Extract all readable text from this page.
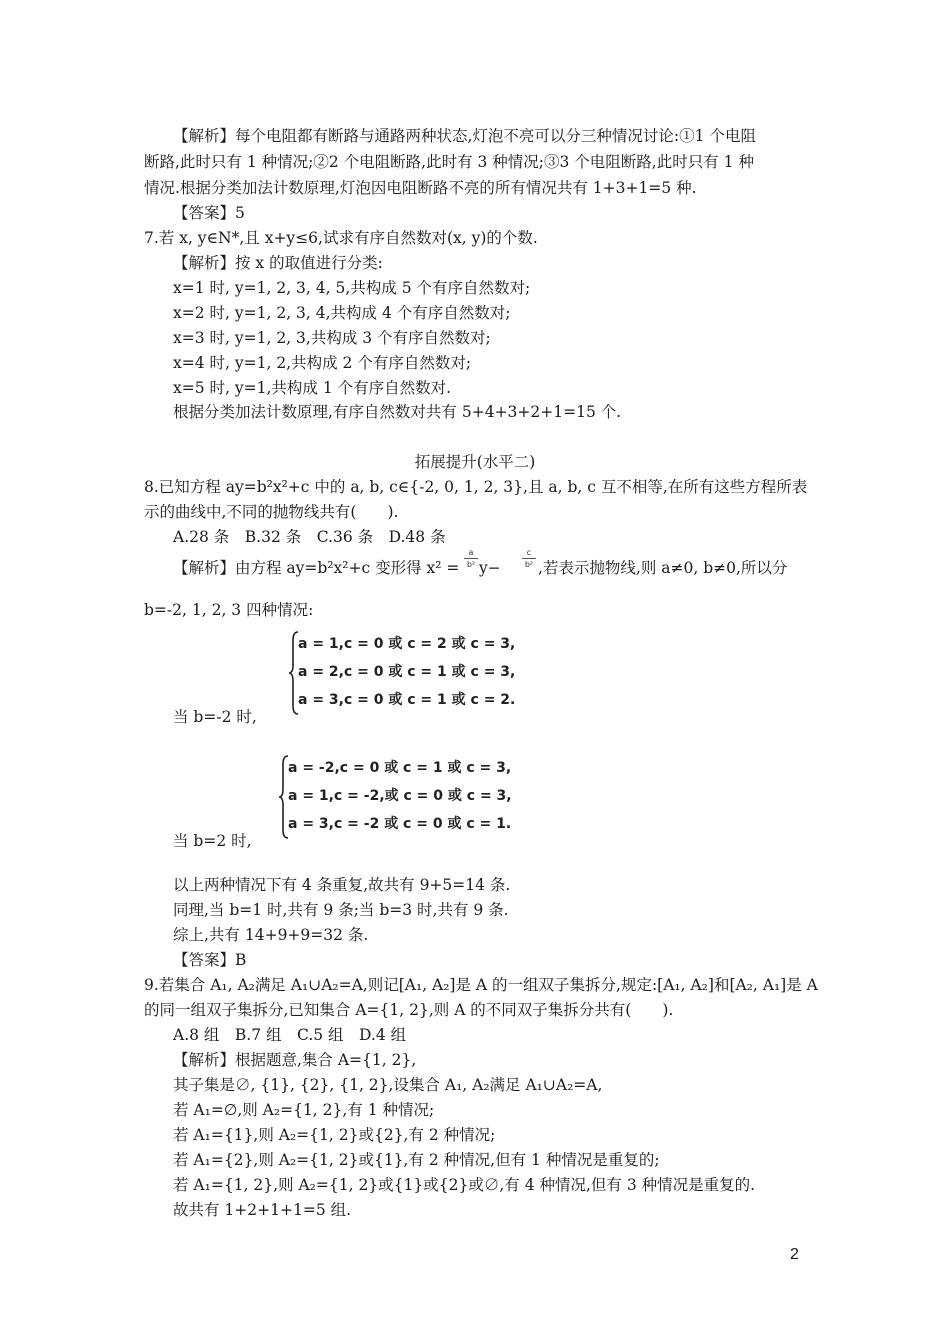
【解析】每个电阻都有断路与通路两种状态,灯泡不亮可以分三种情况讨论:①1 个电阻
断路,此时只有 1 种情况;②2 个电阻断路,此时有 3 种情况;③3 个电阻断路,此时只有 1 种
情况.根据分类加法计数原理,灯泡因电阻断路不亮的所有情况共有 1+3+1=5 种.
【答案】5
7.若 x, y∈N*,且 x+y≤6,试求有序自然数对(x, y)的个数.
【解析】按 x 的取值进行分类:
x=1 时, y=1, 2, 3, 4, 5,共构成 5 个有序自然数对;
x=2 时, y=1, 2, 3, 4,共构成 4 个有序自然数对;
x=3 时, y=1, 2, 3,共构成 3 个有序自然数对;
x=4 时, y=1, 2,共构成 2 个有序自然数对;
x=5 时, y=1,共构成 1 个有序自然数对.
根据分类加法计数原理,有序自然数对共有 5+4+3+2+1=15 个.
拓展提升(水平二)
8.已知方程 ay=b²x²+c 中的 a, b, c∈{-2, 0, 1, 2, 3},且 a, b, c 互不相等,在所有这些方程所表
示的曲线中,不同的抛物线共有(　　).
A.28 条　B.32 条　C.36 条　D.48 条
【解析】由方程 ay=b²x²+c 变形得 x² =
a
b² y−
c
b² ,若表示抛物线,则 a≠0, b≠0,所以分
b=-2, 1, 2, 3 四种情况:
a = 1,c = 0 或 c = 2 或 c = 3,
a = 2,c = 0 或 c = 1 或 c = 3,
a = 3,c = 0 或 c = 1 或 c = 2.
当 b=-2 时,
a = -2,c = 0 或 c = 1 或 c = 3,
a = 1,c = -2,或 c = 0 或 c = 3,
a = 3,c = -2 或 c = 0 或 c = 1.
当 b=2 时,
以上两种情况下有 4 条重复,故共有 9+5=14 条.
同理,当 b=1 时,共有 9 条;当 b=3 时,共有 9 条.
综上,共有 14+9+9=32 条.
【答案】B
9.若集合 A₁, A₂满足 A₁∪A₂=A,则记[A₁, A₂]是 A 的一组双子集拆分,规定:[A₁, A₂]和[A₂, A₁]是 A
的同一组双子集拆分,已知集合 A={1, 2},则 A 的不同双子集拆分共有(　　).
A.8 组　B.7 组　C.5 组　D.4 组
【解析】根据题意,集合 A={1, 2},
其子集是∅, {1}, {2}, {1, 2},设集合 A₁, A₂满足 A₁∪A₂=A,
若 A₁=∅,则 A₂={1, 2},有 1 种情况;
若 A₁={1},则 A₂={1, 2}或{2},有 2 种情况;
若 A₁={2},则 A₂={1, 2}或{1},有 2 种情况,但有 1 种情况是重复的;
若 A₁={1, 2},则 A₂={1, 2}或{1}或{2}或∅,有 4 种情况,但有 3 种情况是重复的.
故共有 1+2+1+1=5 组.
2
